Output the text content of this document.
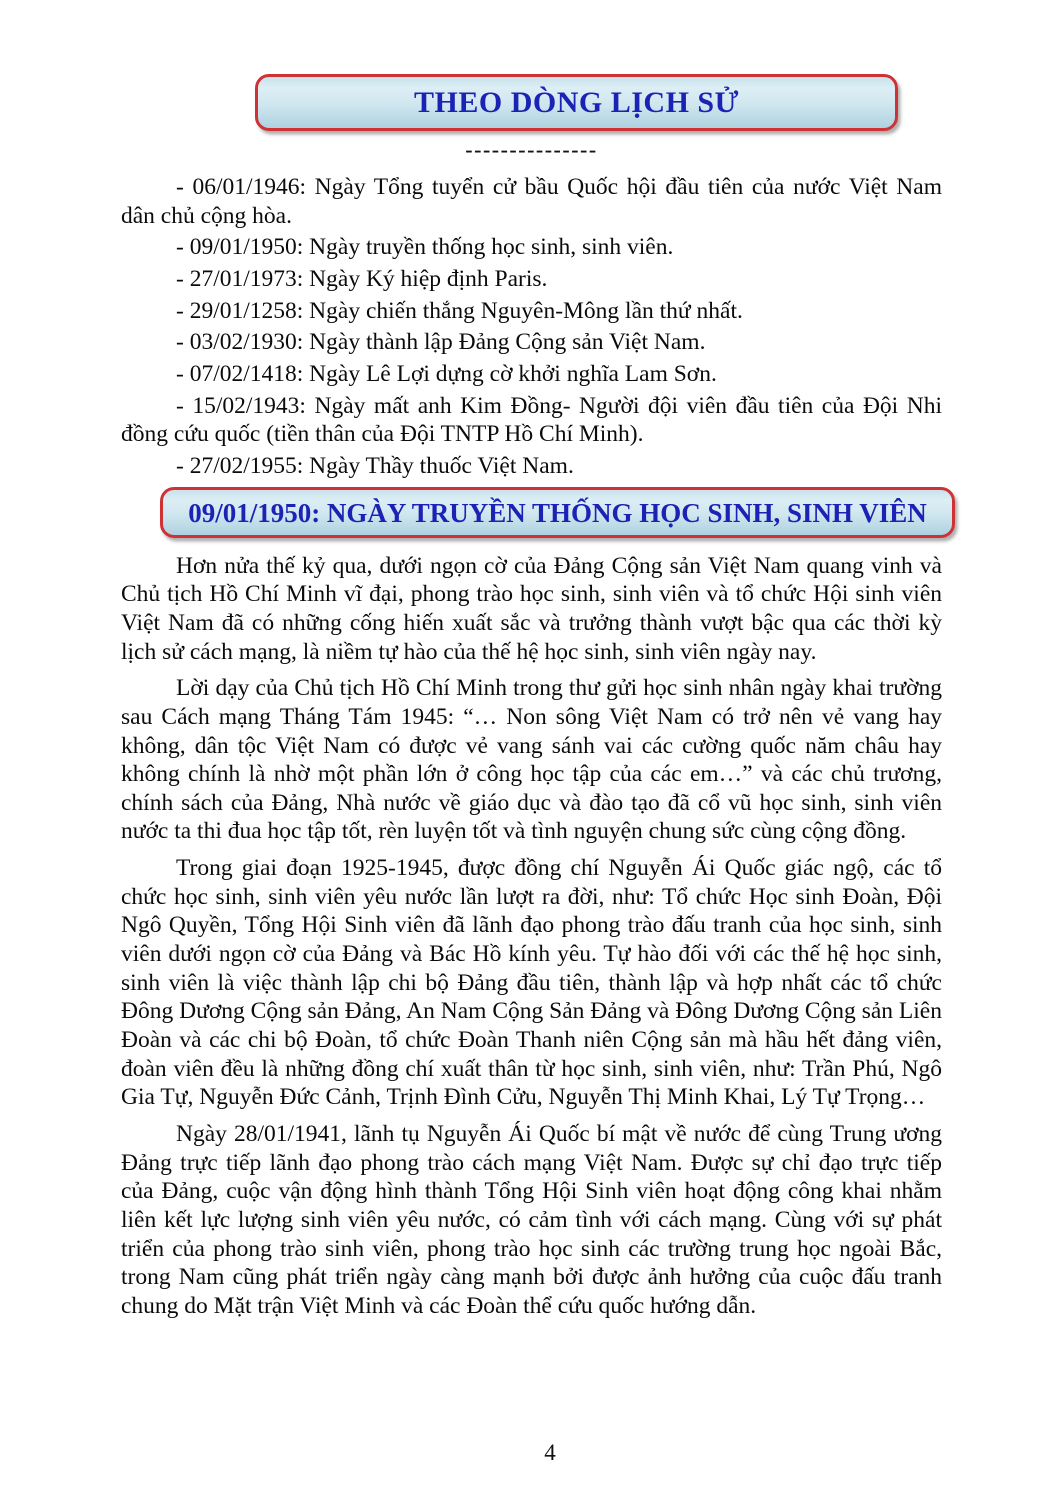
THEO DÒNG LỊCH SỬ
---------------

- 06/01/1946: Ngày Tổng tuyển cử bầu Quốc hội đầu tiên của nước Việt Nam dân chủ cộng hòa.

- 09/01/1950: Ngày truyền thống học sinh, sinh viên.

- 27/01/1973: Ngày Ký hiệp định Paris.

- 29/01/1258: Ngày chiến thắng Nguyên-Mông lần thứ nhất.

- 03/02/1930: Ngày thành lập Đảng Cộng sản Việt Nam.

- 07/02/1418: Ngày Lê Lợi dựng cờ khởi nghĩa Lam Sơn.

- 15/02/1943: Ngày mất anh Kim Đồng- Người đội viên đầu tiên của Đội Nhi đồng cứu quốc (tiền thân của Đội TNTP Hồ Chí Minh).

- 27/02/1955: Ngày Thầy thuốc Việt Nam.

09/01/1950: NGÀY TRUYỀN THỐNG HỌC SINH, SINH VIÊN

Hơn nửa thế kỷ qua, dưới ngọn cờ của Đảng Cộng sản Việt Nam quang vinh và Chủ tịch Hồ Chí Minh vĩ đại, phong trào học sinh, sinh viên và tổ chức Hội sinh viên Việt Nam đã có những cống hiến xuất sắc và trưởng thành vượt bậc qua các thời kỳ lịch sử cách mạng, là niềm tự hào của thế hệ học sinh, sinh viên ngày nay.

Lời dạy của Chủ tịch Hồ Chí Minh trong thư gửi học sinh nhân ngày khai trường sau Cách mạng Tháng Tám 1945: “… Non sông Việt Nam có trở nên vẻ vang hay không, dân tộc Việt Nam có được vẻ vang sánh vai các cường quốc năm châu hay không chính là nhờ một phần lớn ở công học tập của các em…” và các chủ trương, chính sách của Đảng, Nhà nước về giáo dục và đào tạo đã cổ vũ học sinh, sinh viên nước ta thi đua học tập tốt, rèn luyện tốt và tình nguyện chung sức cùng cộng đồng.

Trong giai đoạn 1925-1945, được đồng chí Nguyễn Ái Quốc giác ngộ, các tổ chức học sinh, sinh viên yêu nước lần lượt ra đời, như: Tổ chức Học sinh Đoàn, Đội Ngô Quyền, Tổng Hội Sinh viên đã lãnh đạo phong trào đấu tranh của học sinh, sinh viên dưới ngọn cờ của Đảng và Bác Hồ kính yêu. Tự hào đối với các thế hệ học sinh, sinh viên là việc thành lập chi bộ Đảng đầu tiên, thành lập và hợp nhất các tổ chức Đông Dương Cộng sản Đảng, An Nam Cộng Sản Đảng và Đông Dương Cộng sản Liên Đoàn và các chi bộ Đoàn, tổ chức Đoàn Thanh niên Cộng sản mà hầu hết đảng viên, đoàn viên đều là những đồng chí xuất thân từ học sinh, sinh viên, như: Trần Phú, Ngô Gia Tự, Nguyễn Đức Cảnh, Trịnh Đình Cửu, Nguyễn Thị Minh Khai, Lý Tự Trọng…

Ngày 28/01/1941, lãnh tụ Nguyễn Ái Quốc bí mật về nước để cùng Trung ương Đảng trực tiếp lãnh đạo phong trào cách mạng Việt Nam. Được sự chỉ đạo trực tiếp của Đảng, cuộc vận động hình thành Tổng Hội Sinh viên hoạt động công khai nhằm liên kết lực lượng sinh viên yêu nước, có cảm tình với cách mạng. Cùng với sự phát triển của phong trào sinh viên, phong trào học sinh các trường trung học ngoài Bắc, trong Nam cũng phát triển ngày càng mạnh bởi được ảnh hưởng của cuộc đấu tranh chung do Mặt trận Việt Minh và các Đoàn thể cứu quốc hướng dẫn.

4
